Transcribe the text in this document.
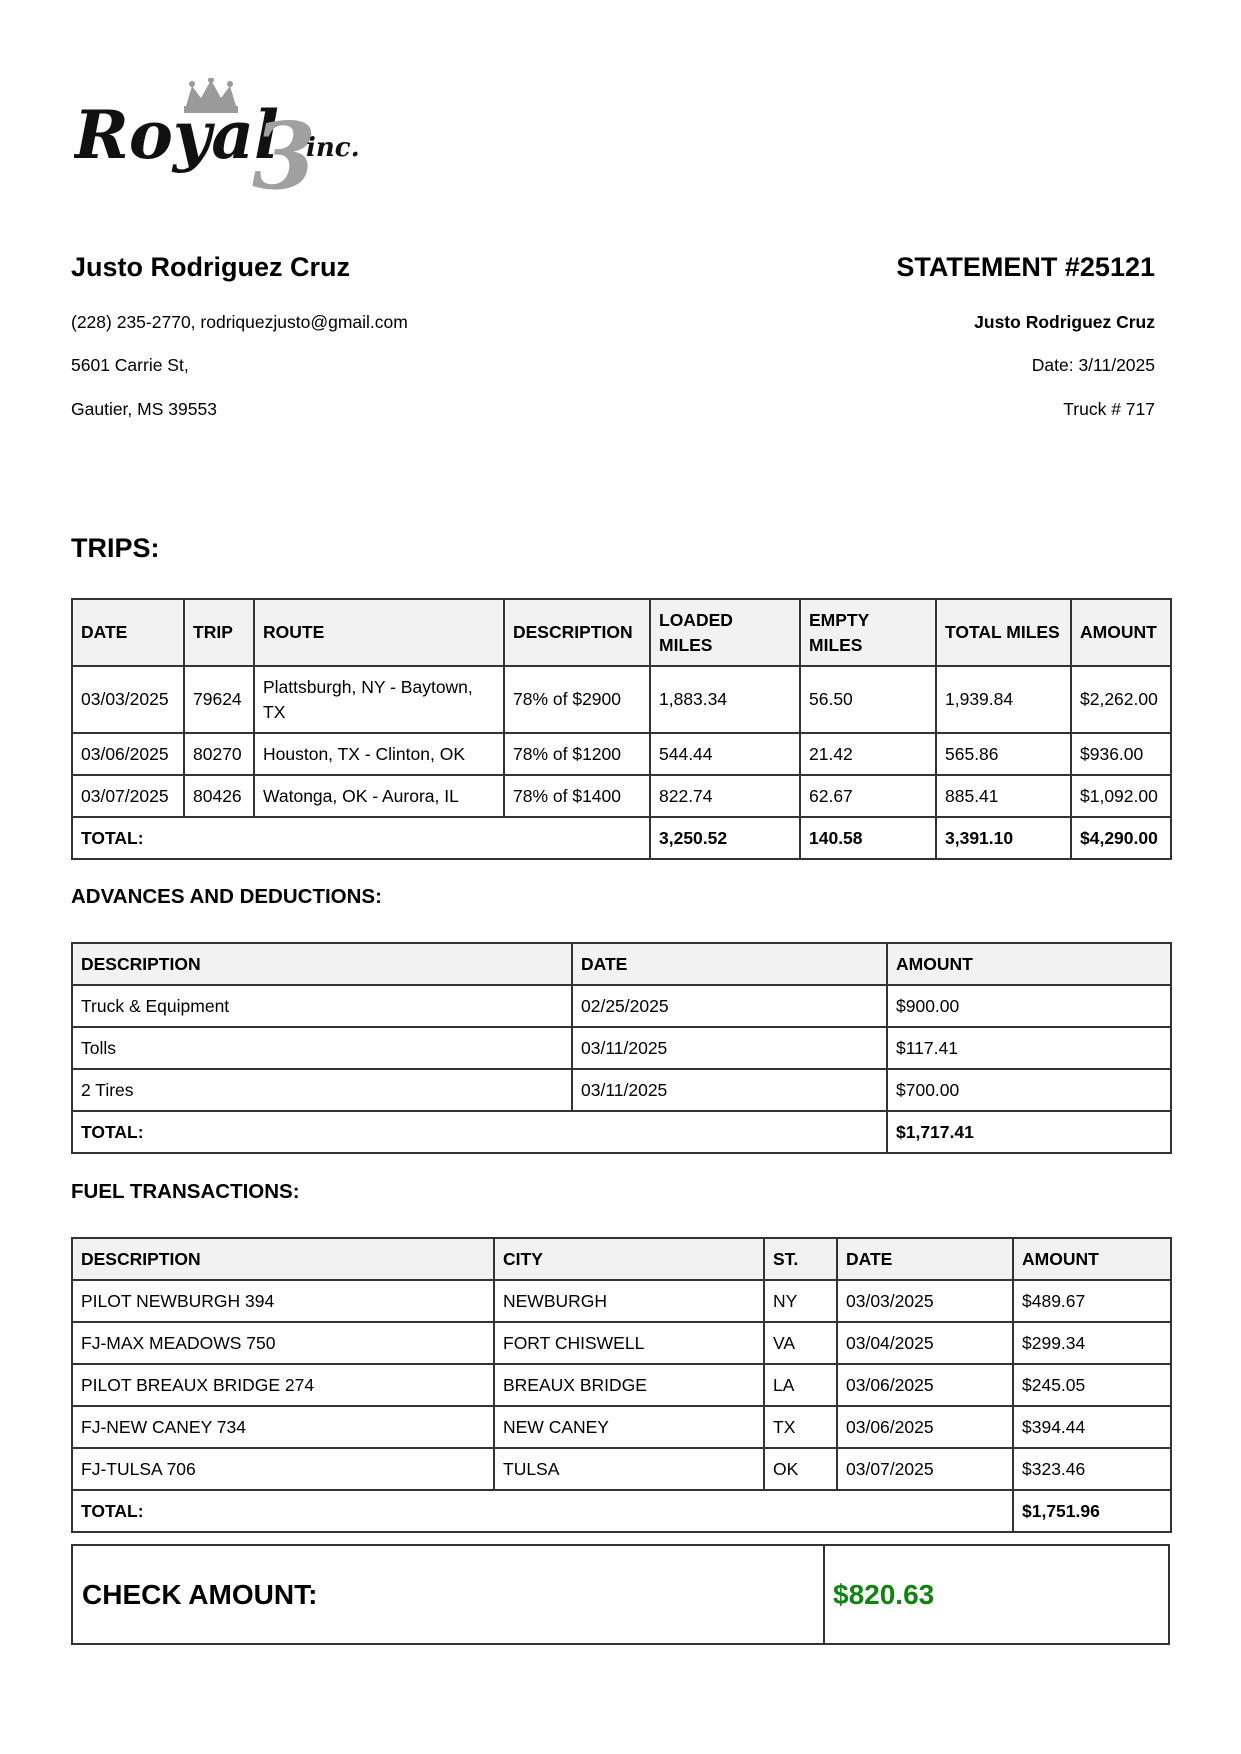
Royal
3
inc.
Justo Rodriguez Cruz
(228) 235-2770, rodriquezjusto@gmail.com
5601 Carrie St,
Gautier, MS 39553
STATEMENT #25121
Justo Rodriguez Cruz
Date: 3/11/2025
Truck # 717
TRIPS:
DATE	TRIP	ROUTE	DESCRIPTION	LOADED MILES	EMPTY MILES	TOTAL MILES	AMOUNT
03/03/2025	79624	Plattsburgh, NY - Baytown, TX	78% of $2900	1,883.34	56.50	1,939.84	$2,262.00
03/06/2025	80270	Houston, TX - Clinton, OK	78% of $1200	544.44	21.42	565.86	$936.00
03/07/2025	80426	Watonga, OK - Aurora, IL	78% of $1400	822.74	62.67	885.41	$1,092.00
TOTAL:				3,250.52	140.58	3,391.10	$4,290.00
ADVANCES AND DEDUCTIONS:
DESCRIPTION	DATE	AMOUNT
Truck & Equipment	02/25/2025	$900.00
Tolls	03/11/2025	$117.41
2 Tires	03/11/2025	$700.00
TOTAL:		$1,717.41
FUEL TRANSACTIONS:
DESCRIPTION	CITY	ST.	DATE	AMOUNT
PILOT NEWBURGH 394	NEWBURGH	NY	03/03/2025	$489.67
FJ-MAX MEADOWS 750	FORT CHISWELL	VA	03/04/2025	$299.34
PILOT BREAUX BRIDGE 274	BREAUX BRIDGE	LA	03/06/2025	$245.05
FJ-NEW CANEY 734	NEW CANEY	TX	03/06/2025	$394.44
FJ-TULSA 706	TULSA	OK	03/07/2025	$323.46
TOTAL:				$1,751.96
CHECK AMOUNT:	$820.63
